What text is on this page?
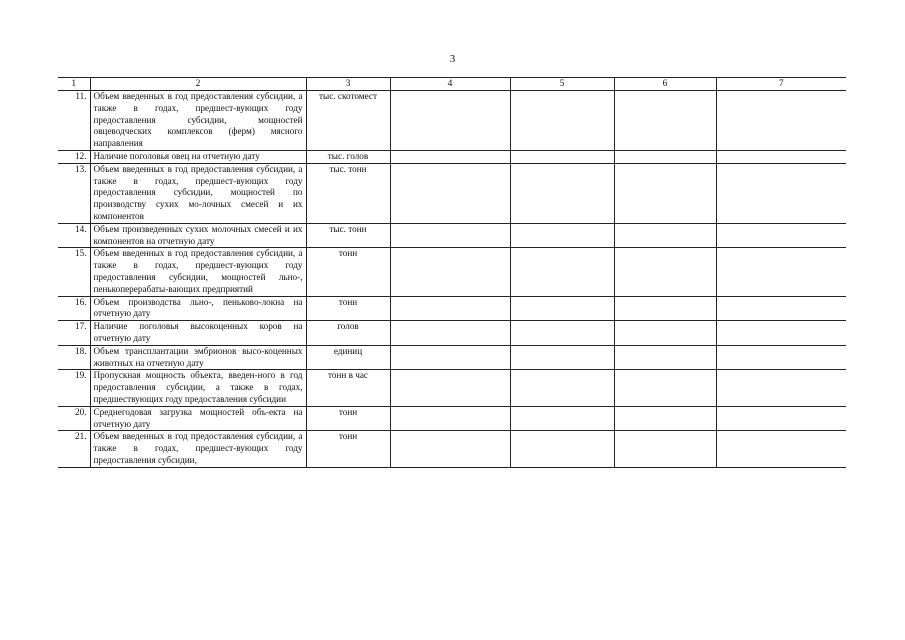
3
1	2	3	4	5	6	7
11.	Объем введенных в год предоставления субсидии, а также в годах, предшест-вующих году предоставления субсидии, мощностей овцеводческих комплексов (ферм) мясного направления	тыс. скотомест				
12.	Наличие поголовья овец на отчетную дату	тыс. голов				
13.	Объем введенных в год предоставления субсидии, а также в годах, предшест-вующих году предоставления субсидии, мощностей по производству сухих мо-лочных смесей и их компонентов	тыс. тонн				
14.	Объем произведенных сухих молочных смесей и их компонентов на отчетную дату	тыс. тонн				
15.	Объем введенных в год предоставления субсидии, а также в годах, предшест-вующих году предоставления субсидии, мощностей льно-, пенькоперерабаты-вающих предприятий	тонн				
16.	Объем производства льно-, пеньково-локна на отчетную дату	тонн				
17.	Наличие поголовья высокоценных коров на отчетную дату	голов				
18.	Объем трансплантации эмбрионов высо-коценных животных на отчетную дату	единиц				
19.	Пропускная мощность объекта, введен-ного в год предоставления субсидии, а также в годах, предшествующих году предоставления субсидии	тонн в час				
20.	Среднегодовая загрузка мощностей объ-екта на отчетную дату	тонн				
21.	Объем введенных в год предоставления субсидии, а также в годах, предшест-вующих году предоставления субсидии,	тонн				
